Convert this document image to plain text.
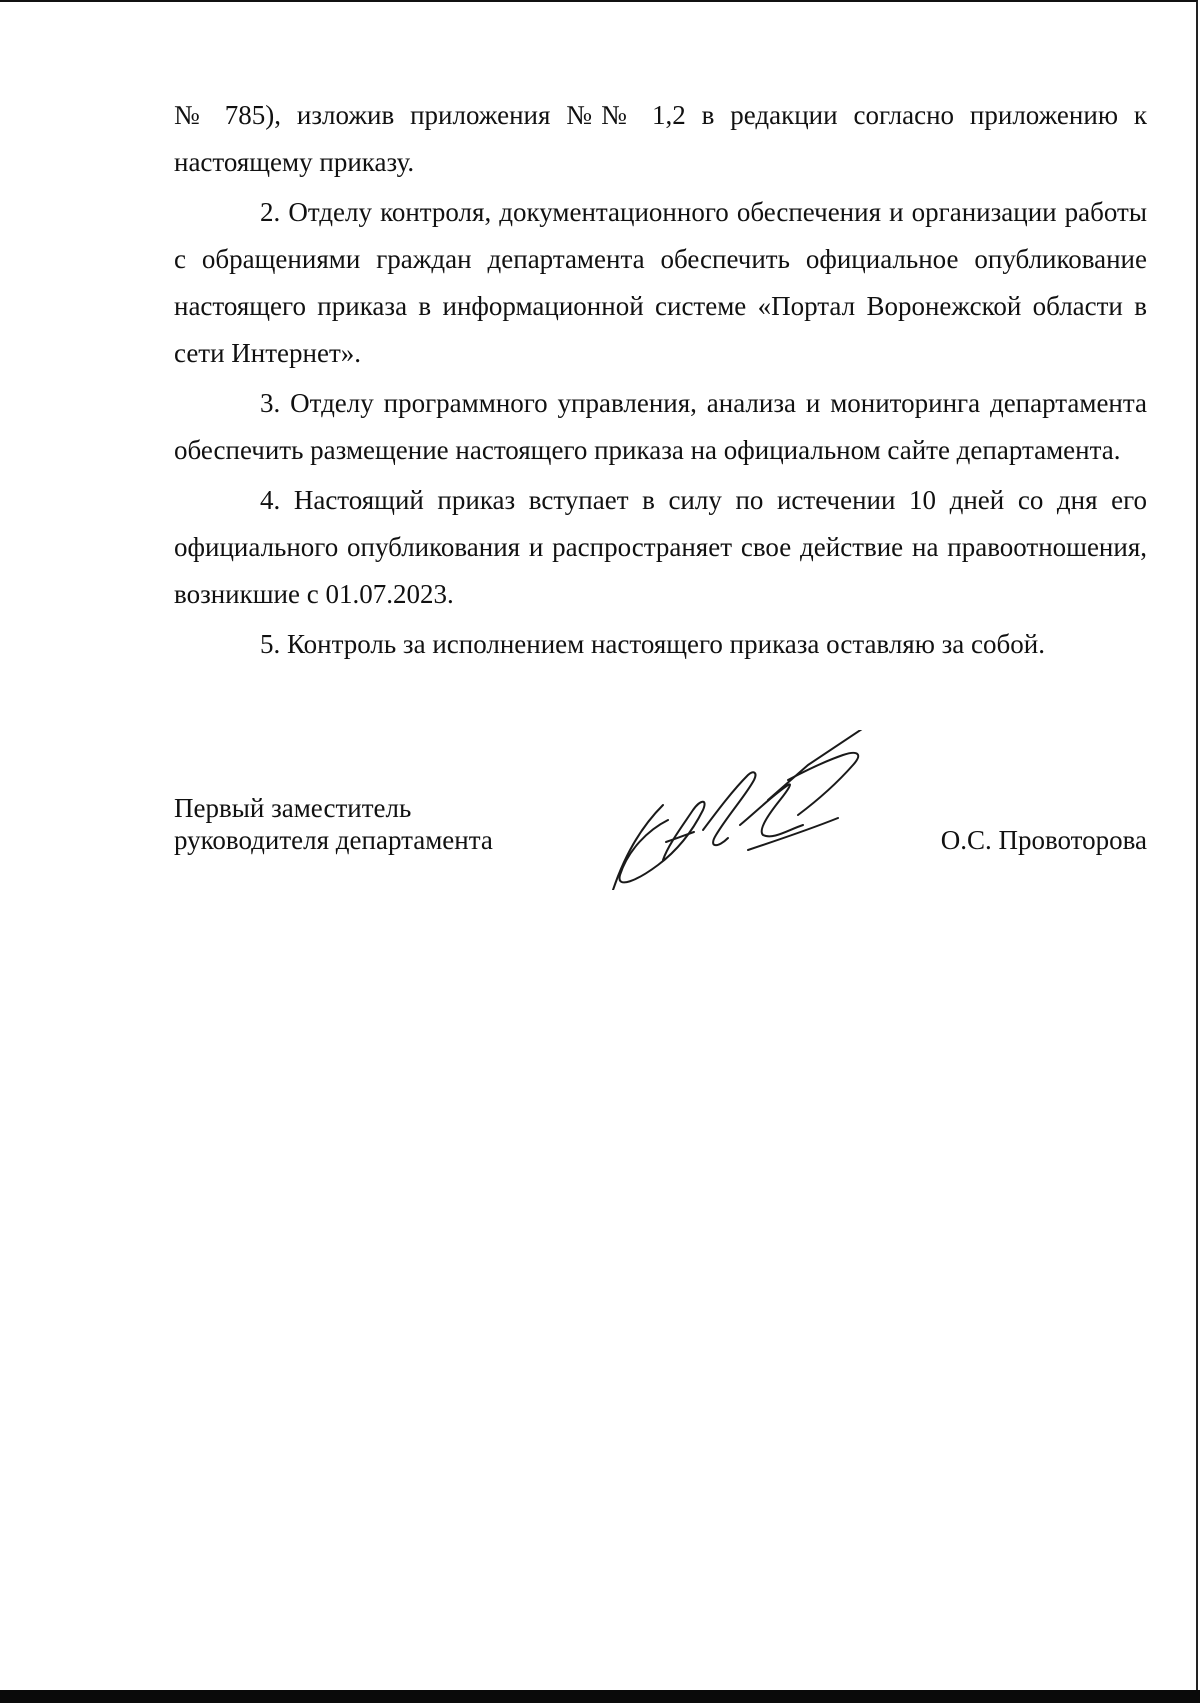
№ 785), изложив приложения №№ 1,2 в редакции согласно приложению к настоящему приказу.

2. Отделу контроля, документационного обеспечения и организации работы с обращениями граждан департамента обеспечить официальное опубликование настоящего приказа в информационной системе «Портал Воронежской области в сети Интернет».

3. Отделу программного управления, анализа и мониторинга департамента обеспечить размещение настоящего приказа на официальном сайте департамента.

4. Настоящий приказ вступает в силу по истечении 10 дней со дня его официального опубликования и распространяет свое действие на правоотношения, возникшие с 01.07.2023.

5. Контроль за исполнением настоящего приказа оставляю за собой.

Первый заместитель
руководителя департамента	О.С. Провоторова
